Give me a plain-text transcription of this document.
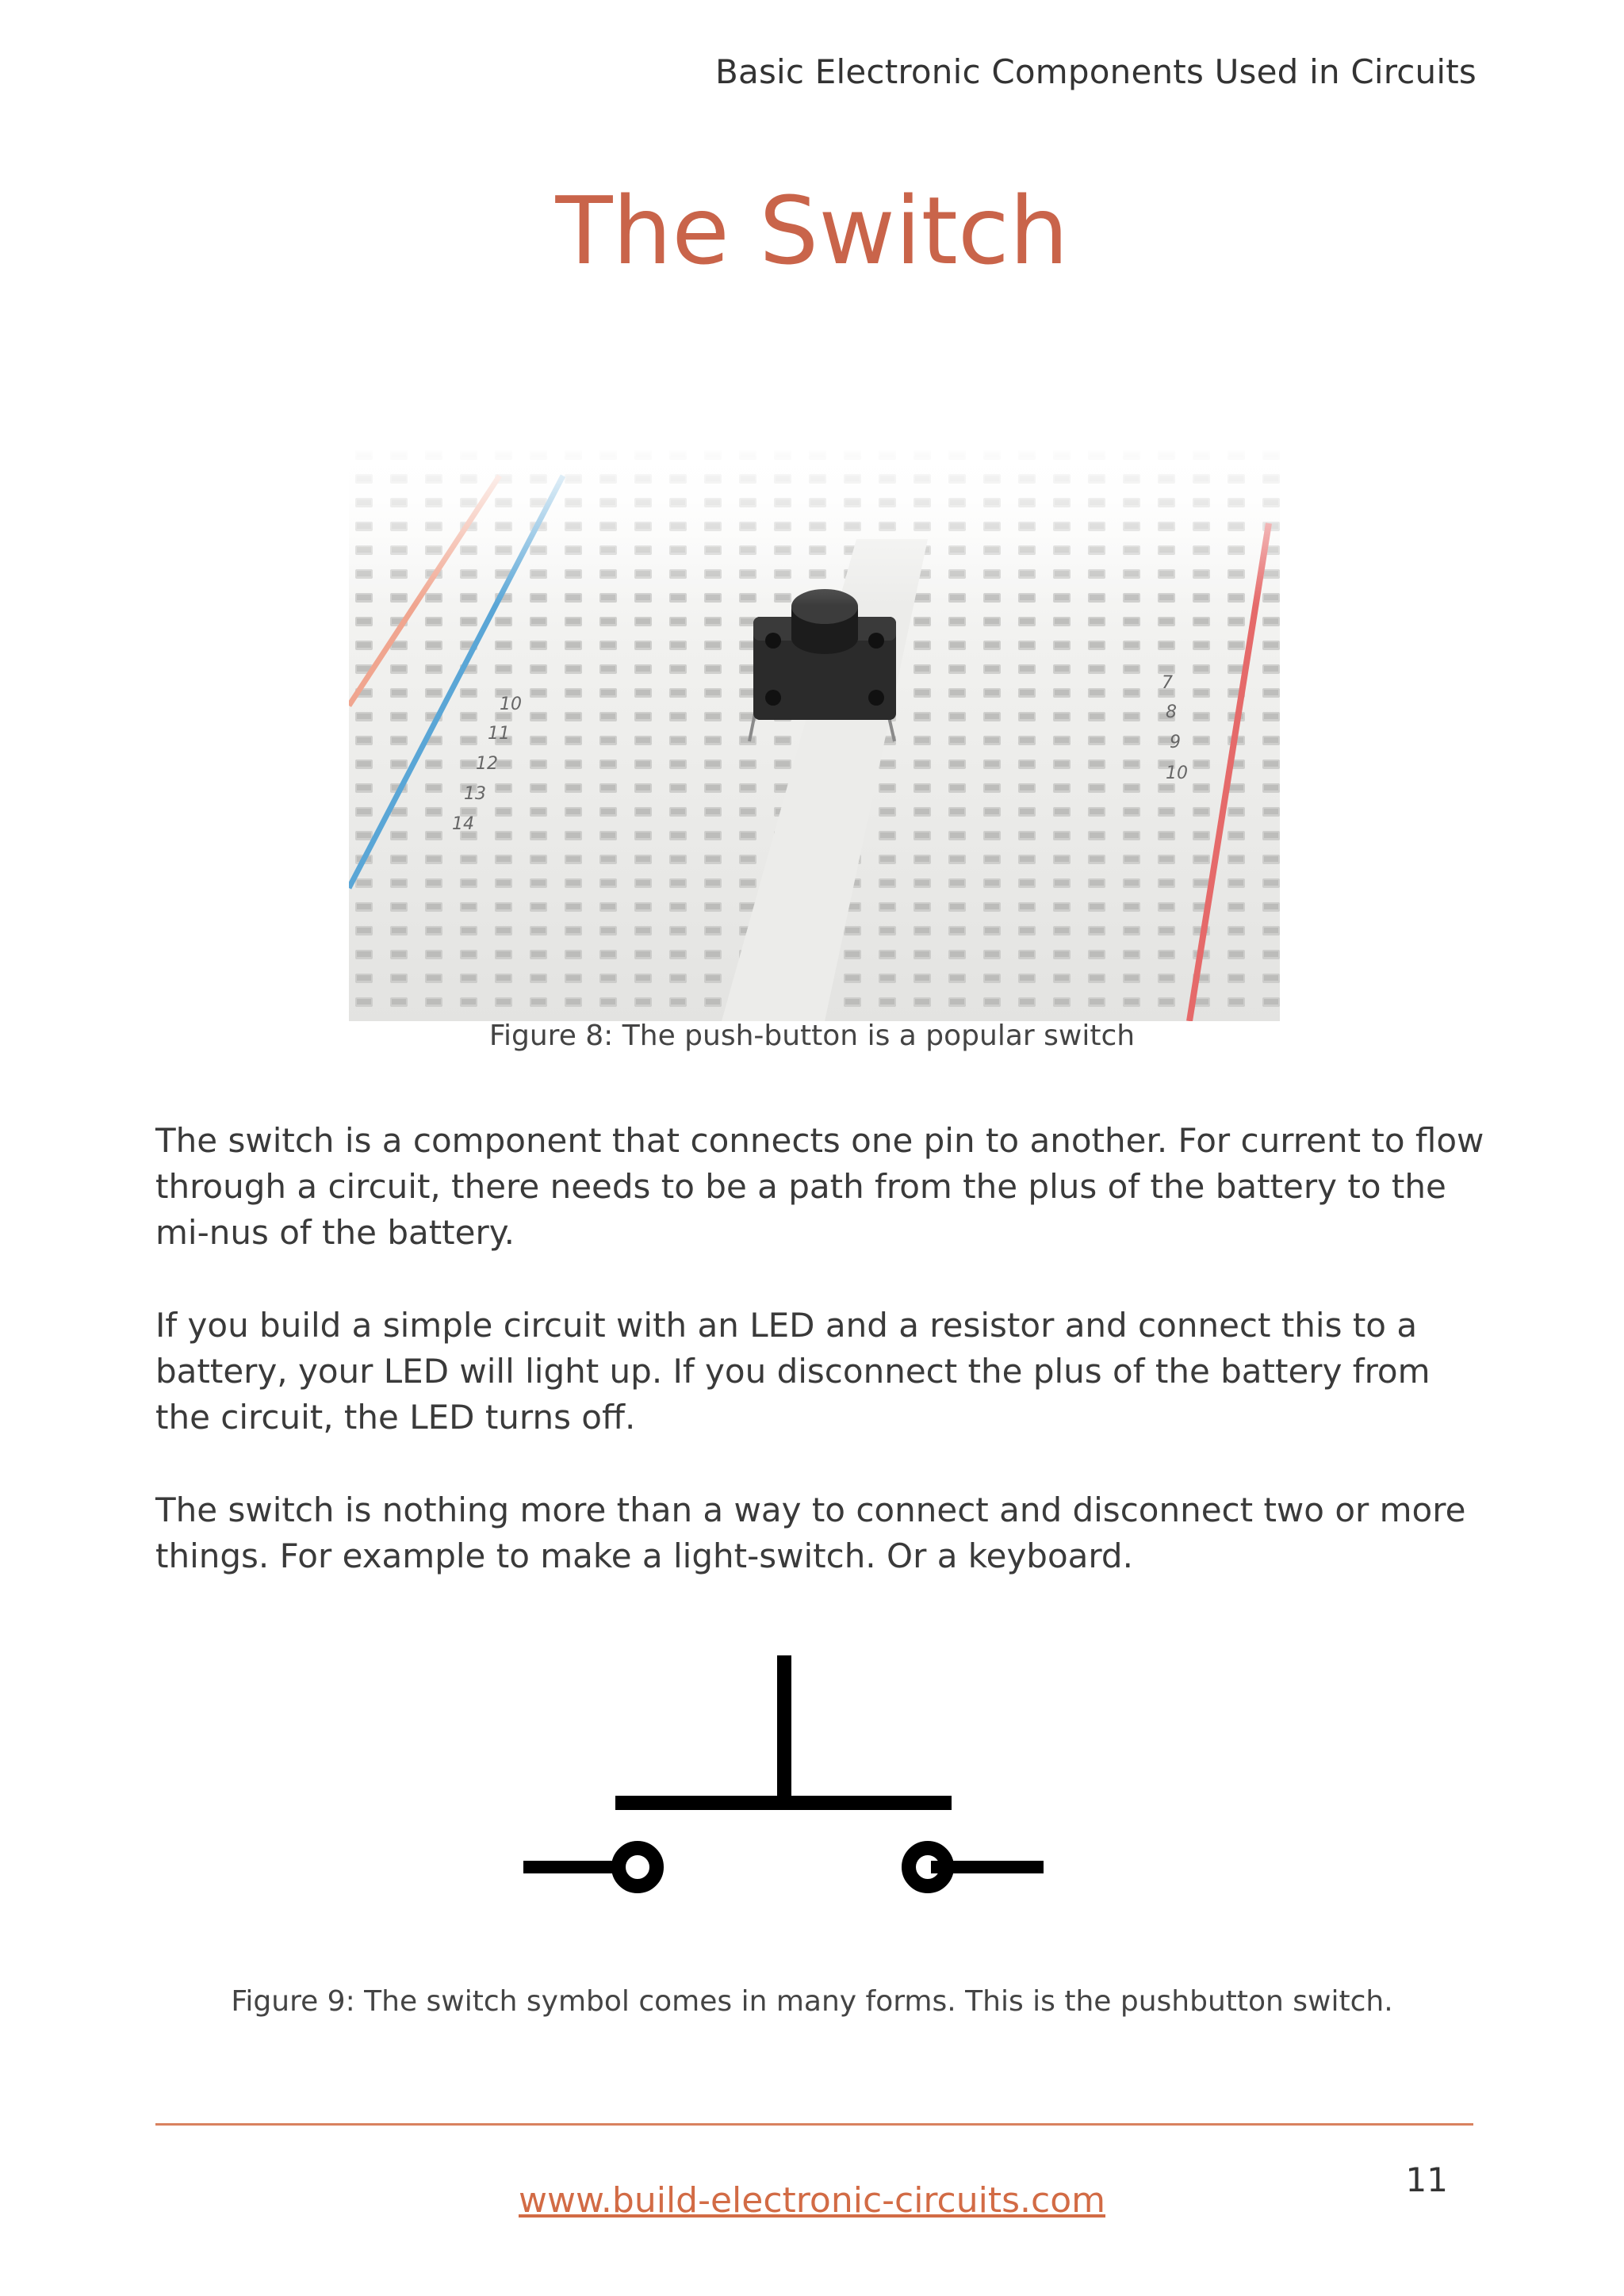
Basic Electronic Components Used in Circuits
The Switch
Figure 8: The push-button is a popular switch

The switch is a component that connects one pin to another. For current to flow through a circuit, there needs to be a path from the plus of the battery to the mi-nus of the battery.

If you build a simple circuit with an LED and a resistor and connect this to a battery, your LED will light up. If you disconnect the plus of the battery from the circuit, the LED turns off.

The switch is nothing more than a way to connect and disconnect two or more things. For example to make a light-switch. Or a keyboard.

Figure 9: The switch symbol comes in many forms. This is the pushbutton switch.
www.build-electronic-circuits.com
11
